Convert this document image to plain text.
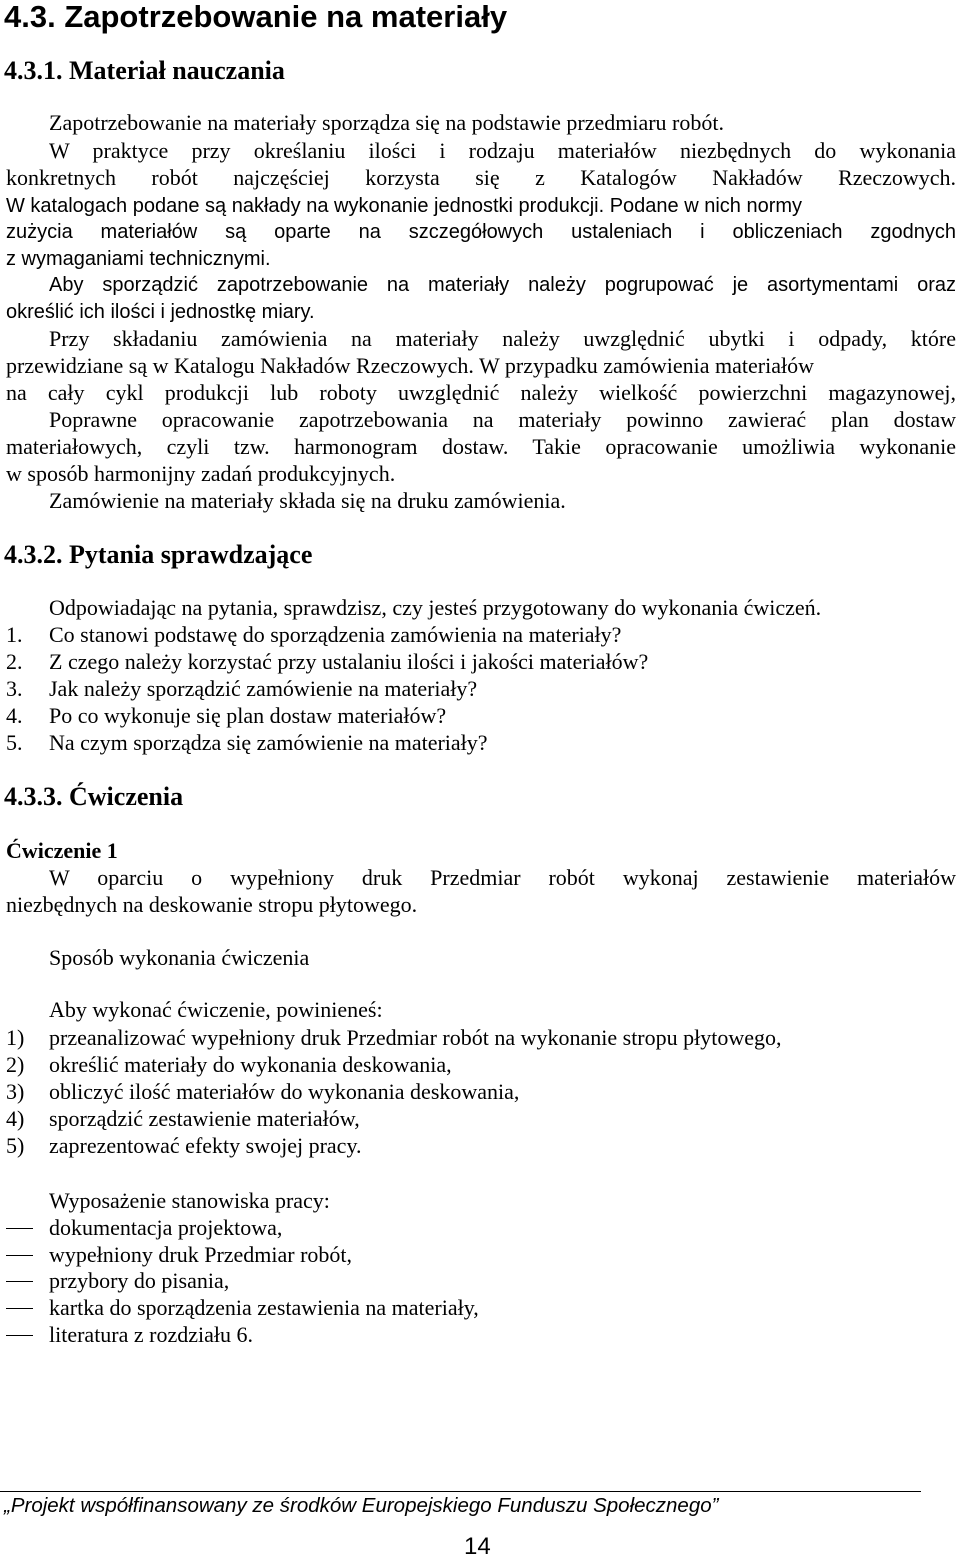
4.3. Zapotrzebowanie na materiały
4.3.1. Materiał nauczania
Zapotrzebowanie na materiały sporządza się na podstawie przedmiaru robót.
W praktyce przy określaniu ilości i rodzaju materiałów niezbędnych do wykonania
konkretnych robót najczęściej korzysta się z Katalogów Nakładów Rzeczowych.
W katalogach podane są nakłady na wykonanie jednostki produkcji. Podane w nich normy
zużycia materiałów są oparte na szczegółowych ustaleniach i obliczeniach zgodnych
z wymaganiami technicznymi.
Aby sporządzić zapotrzebowanie na materiały należy pogrupować je asortymentami oraz
określić ich ilości i jednostkę miary.
Przy składaniu zamówienia na materiały należy uwzględnić ubytki i odpady, które
przewidziane są w Katalogu Nakładów Rzeczowych. W przypadku zamówienia materiałów
na cały cykl produkcji lub roboty uwzględnić należy wielkość powierzchni magazynowej,
Poprawne opracowanie zapotrzebowania na materiały powinno zawierać plan dostaw
materiałowych, czyli tzw. harmonogram dostaw. Takie opracowanie umożliwia wykonanie
w sposób harmonijny zadań produkcyjnych.
Zamówienie na materiały składa się na druku zamówienia.
4.3.2. Pytania sprawdzające
Odpowiadając na pytania, sprawdzisz, czy jesteś przygotowany do wykonania ćwiczeń.
1. Co stanowi podstawę do sporządzenia zamówienia na materiały?
2. Z czego należy korzystać przy ustalaniu ilości i jakości materiałów?
3. Jak należy sporządzić zamówienie na materiały?
4. Po co wykonuje się plan dostaw materiałów?
5. Na czym sporządza się zamówienie na materiały?
4.3.3. Ćwiczenia
Ćwiczenie 1
W oparciu o wypełniony druk Przedmiar robót wykonaj zestawienie materiałów
niezbędnych na deskowanie stropu płytowego.
Sposób wykonania ćwiczenia
Aby wykonać ćwiczenie, powinieneś:
1) przeanalizować wypełniony druk Przedmiar robót na wykonanie stropu płytowego,
2) określić materiały do wykonania deskowania,
3) obliczyć ilość materiałów do wykonania deskowania,
4) sporządzić zestawienie materiałów,
5) zaprezentować efekty swojej pracy.
Wyposażenie stanowiska pracy:
dokumentacja projektowa,
wypełniony druk Przedmiar robót,
przybory do pisania,
kartka do sporządzenia zestawienia na materiały,
literatura z rozdziału 6.
„Projekt współfinansowany ze środków Europejskiego Funduszu Społecznego”
14
